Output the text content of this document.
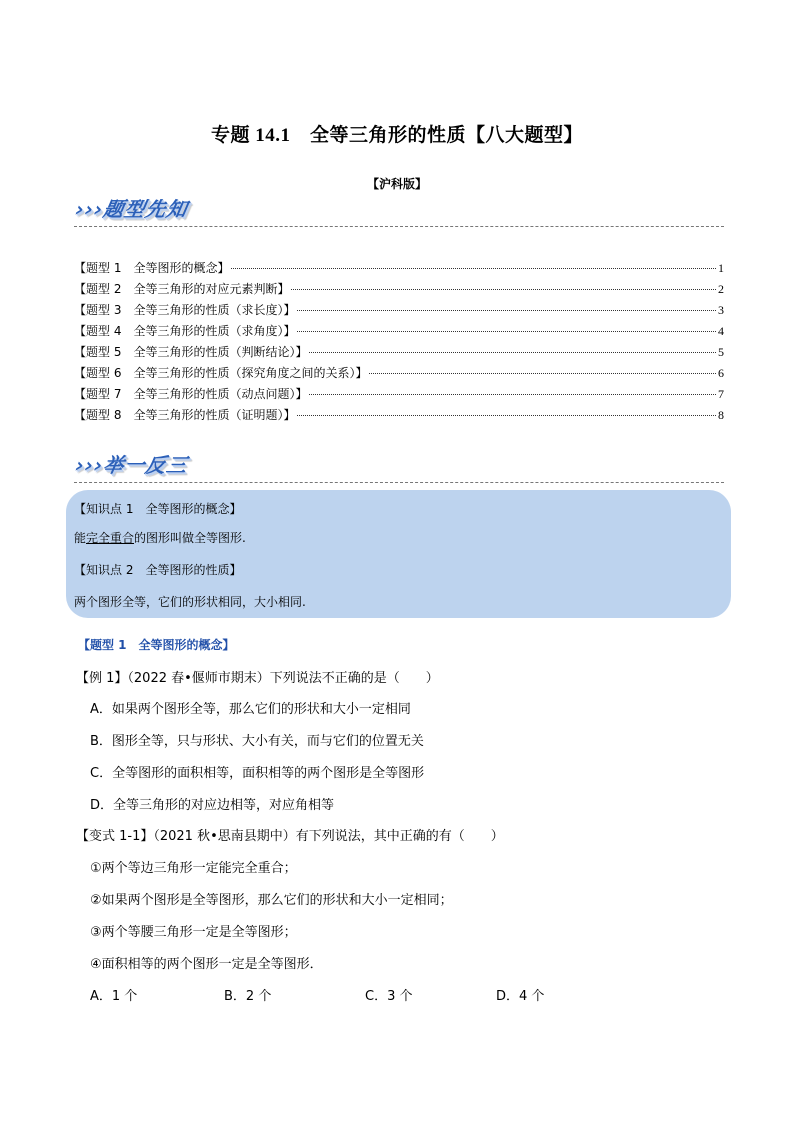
专题 14.1　全等三角形的性质【八大题型】
【沪科版】
›››题型先知
【题型 1　全等图形的概念】	1
【题型 2　全等三角形的对应元素判断】	2
【题型 3　全等三角形的性质（求长度）】	3
【题型 4　全等三角形的性质（求角度）】	4
【题型 5　全等三角形的性质（判断结论）】	5
【题型 6　全等三角形的性质（探究角度之间的关系）】	6
【题型 7　全等三角形的性质（动点问题）】	7
【题型 8　全等三角形的性质（证明题）】	8
›››举一反三
【知识点 1　全等图形的概念】
能完全重合的图形叫做全等图形.
【知识点 2　全等图形的性质】
两个图形全等，它们的形状相同，大小相同.
【题型 1　全等图形的概念】
【例 1】（2022 春•偃师市期末）下列说法不正确的是（　　）
A．如果两个图形全等，那么它们的形状和大小一定相同
B．图形全等，只与形状、大小有关，而与它们的位置无关
C．全等图形的面积相等，面积相等的两个图形是全等图形
D．全等三角形的对应边相等，对应角相等
【变式 1-1】（2021 秋•思南县期中）有下列说法，其中正确的有（　　）
①两个等边三角形一定能完全重合；
②如果两个图形是全等图形，那么它们的形状和大小一定相同；
③两个等腰三角形一定是全等图形；
④面积相等的两个图形一定是全等图形．
A．1 个	B．2 个	C．3 个	D．4 个
